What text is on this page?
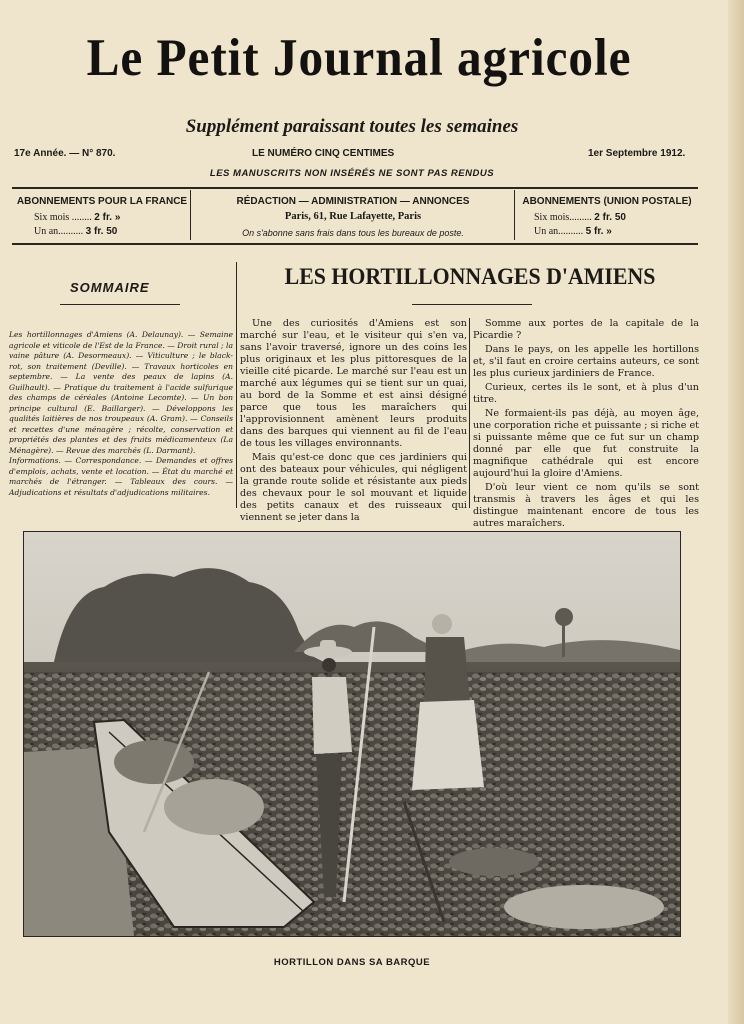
Le Petit Journal agricole
Supplément paraissant toutes les semaines
17e Année. — N° 870.	LE NUMÉRO CINQ CENTIMES	1er Septembre 1912.
LES MANUSCRITS NON INSÉRÉS NE SONT PAS RENDUS
ABONNEMENTS POUR LA FRANCE
Six mois ........ 2 fr. »
Un an.......... 3 fr. 50
RÉDACTION — ADMINISTRATION — ANNONCES
Paris, 61, Rue Lafayette, Paris
On s'abonne sans frais dans tous les bureaux de poste.
ABONNEMENTS (UNION POSTALE)
Six mois......... 2 fr. 50
Un an.......... 5 fr. »
SOMMAIRE
Les hortillonnages d'Amiens (A. Delaunay). — Semaine agricole et viticole de l'Est de la France. — Droit rural ; la vaine pâture (A. Desormeaux). — Viticulture ; le black-rot, son traitement (Deville). — Travaux horticoles en septembre. — La vente des peaux de lapins (A. Guilhault). — Pratique du traitement à l'acide sulfurique des champs de céréales (Antoine Lecomte). — Un bon principe cultural (E. Baillarger). — Développons les qualités laitières de nos troupeaux (A. Gram). — Conseils et recettes d'une ménagère ; récolte, conservation et propriétés des plantes et des fruits médicamenteux (La Ménagère). — Revue des marchés (L. Darmant).
Informations. — Correspondance. — Demandes et offres d'emplois, achats, vente et location. — État du marché et marchés de l'étranger. — Tableaux des cours. — Adjudications et résultats d'adjudications militaires.
LES HORTILLONNAGES D'AMIENS

Une des curiosités d'Amiens est son marché sur l'eau, et le visiteur qui s'en va, sans l'avoir traversé, ignore un des coins les plus originaux et les plus pittoresques de la vieille cité picarde. Le marché sur l'eau est un marché aux légumes qui se tient sur un quai, au bord de la Somme et est ainsi désigné parce que tous les maraîchers qui l'approvisionnent amènent leurs produits dans des barques qui viennent au fil de l'eau de tous les villages environnants.

Mais qu'est-ce donc que ces jardiniers qui ont des bateaux pour véhicules, qui négligent la grande route solide et résistante aux pieds des chevaux pour le sol mouvant et liquide des petits canaux et des ruisseaux qui viennent se jeter dans la

Somme aux portes de la capitale de la Picardie ?

Dans le pays, on les appelle les hortillons et, s'il faut en croire certains auteurs, ce sont les plus curieux jardiniers de France.

Curieux, certes ils le sont, et à plus d'un titre.

Ne formaient-ils pas déjà, au moyen âge, une corporation riche et puissante ; si riche et si puissante même que ce fut sur un champ donné par elle que fut construite la magnifique cathédrale qui est encore aujourd'hui la gloire d'Amiens.

D'où leur vient ce nom qu'ils se sont transmis à travers les âges et qui les distingue maintenant encore de tous les autres maraîchers.

HORTILLON DANS SA BARQUE
